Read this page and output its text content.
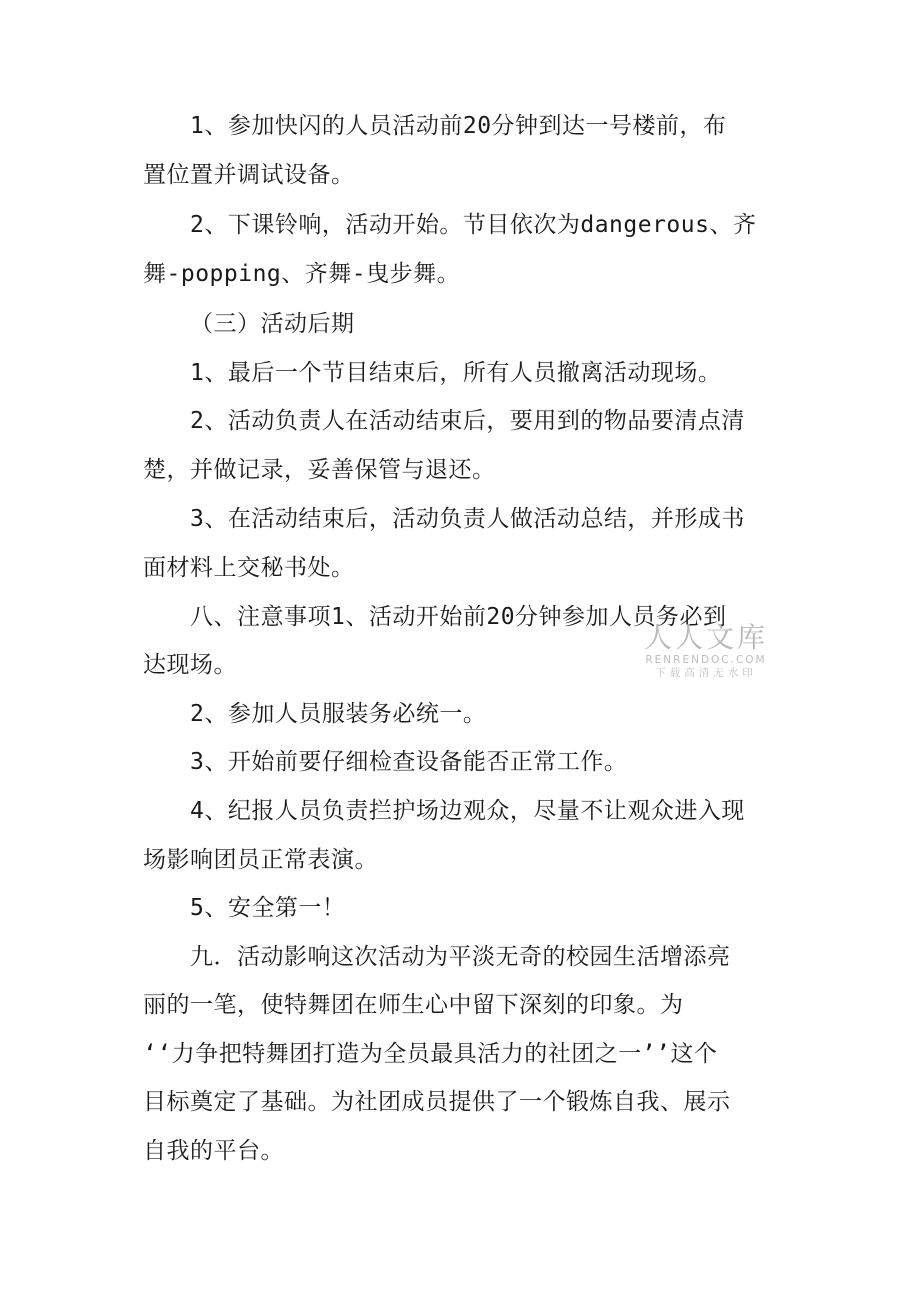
1、参加快闪的人员活动前20分钟到达一号楼前，布
置位置并调试设备。
2、下课铃响，活动开始。节目依次为dangerous、齐
舞-popping、齐舞-曳步舞。
（三）活动后期
1、最后一个节目结束后，所有人员撤离活动现场。
2、活动负责人在活动结束后，要用到的物品要清点清
楚，并做记录，妥善保管与退还。
3、在活动结束后，活动负责人做活动总结，并形成书
面材料上交秘书处。
八、注意事项1、活动开始前20分钟参加人员务必到
达现场。
2、参加人员服装务必统一。
3、开始前要仔细检查设备能否正常工作。
4、纪报人员负责拦护场边观众，尽量不让观众进入现
场影响团员正常表演。
5、安全第一！
九．活动影响这次活动为平淡无奇的校园生活增添亮
丽的一笔，使特舞团在师生心中留下深刻的印象。为
‘‘力争把特舞团打造为全员最具活力的社团之一’’这个
目标奠定了基础。为社团成员提供了一个锻炼自我、展示
自我的平台。
人人文库
RENRENDOC.COM
下载高清无水印
